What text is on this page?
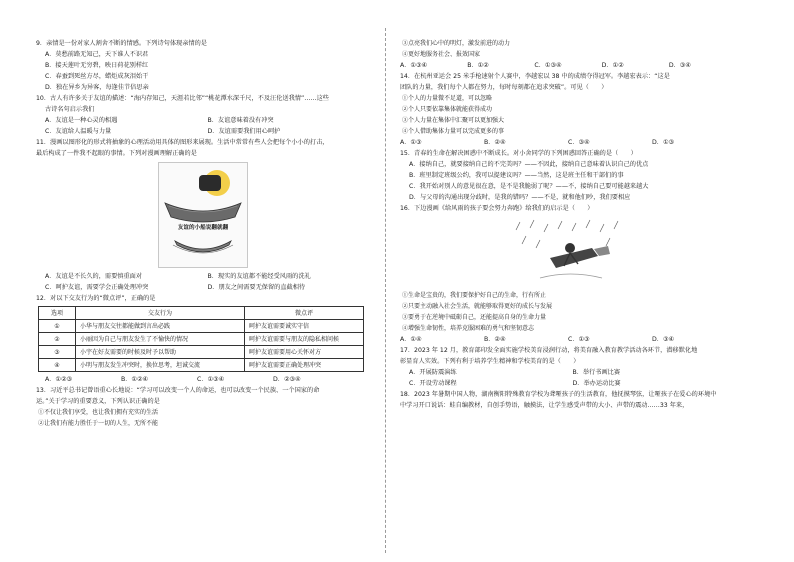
9．亲情是一份对家人割舍不断的情感。下列诗句体现亲情的是

A．莫愁前路无知己，天下谁人不识君

B．接天莲叶无穷碧，映日荷花别样红

C．春蚕到死丝方尽，蜡炬成灰泪始干

D．独在异乡为异客，每逢佳节倍思亲

10．古人有许多关于友谊的描述：“海内存知己，天涯若比邻”“桃花潭水深千尺，不及汪伦送我情”……这些

古诗名句启示我们

A．友谊是一种心灵的相遇	B．友谊意味着没有冲突
C．友谊给人温暖与力量	D．友谊需要我们用心呵护

11．漫画以图形化的形式将抽象的心理活动用具体的图形来展现。生活中常常有些人会把每个小小的打击，

最后构成了一件我不起眼的事情。下列对漫画理解正确的是

友谊的小船说翻就翻
A．友谊是不长久的，需要慎重面对	B．现实的友谊都不能经受风雨的洗礼
C．呵护友谊，需要学会正确处理冲突	D．朋友之间需要无保留的直截相待

12．对以下交友行为的“微点评”，正确的是

选项	交友行为	微点评
①	小华与朋友交往都能做到言出必践	呵护友谊需要诚实守信
②	小丽因为自己与朋友发生了不愉快的情况	呵护友谊需要与朋友的隐私相问候
③	小宇在好友需要的时候及时予以帮助	呵护友谊需要用心关怀对方
④	小明与朋友发生冲突时，换位思考，坦诚交流	呵护友谊需要正确处理冲突
A．①②③	B．①②④	C．①③④	D．②③④

13．习近平总书记曾语重心长地说：“学习可以改变一个人的命运，也可以改变一个民族、一个国家的命

运。”关于学习的重要意义，下列认识正确的是

①不仅让我们享受，也让我们拥有充实的生活

②让我们有能力胜任于一切的人生，无所不能

③点亮我们心中的明灯，激发前进的动力

④更好地服务社会、报效国家

A．①③④	B．①②	C．①③④	D．①②	D．③④

14．在杭州亚运会 25 米手枪速射个人赛中，李越宏以 38 中的成绩夺得冠军。李越宏表示：“这是

团队的力量，我们每个人都在努力，每时每刻都在追求突破”。可见（　　）

①个人的力量微不足道，可以忽略

②个人只要依靠集体就能获得成功

③个人力量在集体中汇聚可以更加强大

④个人借助集体力量可以完成更多的事

A．①③	B．②④	C．③④	D．①③

15．青春的生命在解决困惑中不断成长。对小舍同学的下列困惑回答正确的是（　　）

A．接纳自己，就要接纳自己的不完美吗？——不因此，接纳自己意味着认识自己的优点

B．班里制定班级公约，我可以提建议吗？——当然，这是班主任和干部们的事

C．我开始对别人的意见很在意，是不是我脆弱了呢？——不，接纳自己要可能越来越大

D．与父母的沟通出现分歧时，是我的错吗？——不是，就和他们吵，我们要相应

16．下边漫画《给风雨的孩子要会努力奔跑》给我们的启示是（　　）

①生命是宝贵的，我们要保护好自己的生命，行有所止

②只要主动融入社会生活，就能够取得更好的成长与发展

③要勇于在逆境中砥砺自己，还能提高自身的生命力量

④增强生命韧性，培养克服困难的勇气和坚韧意志

A．①④	B．②④	C．①③	D．③④

17．2023 年 12 月，教育部印发全面实施学校美育浸润行动，将美育融入教育教学活动各环节，潜移默化地

彰显育人实效。下列有利于培养学生精神和学校美育的是（　　）

A．开展防震演练	B．举行书画比赛
C．开设劳动课程	D．举办运动比赛

18．2023 年暑期中国人物，湖南衡阳特殊教育学校为聋哑孩子的生活教育，他抚摸琴弦，让哑孩子在爱心的环境中

中学习开口说话：蛙自编教材，自创手势语，触摸法，让学生感受声带的大小、声带的震动……33 年来，
